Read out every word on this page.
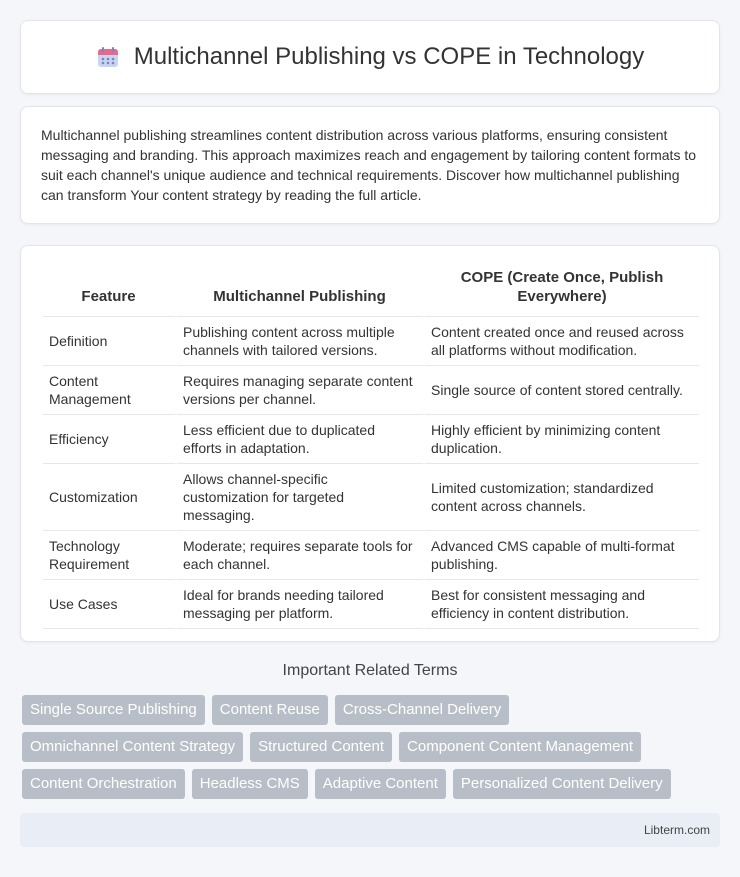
Multichannel Publishing vs COPE in Technology

Multichannel publishing streamlines content distribution across various platforms, ensuring consistent messaging and branding. This approach maximizes reach and engagement by tailoring content formats to suit each channel's unique audience and technical requirements. Discover how multichannel publishing can transform Your content strategy by reading the full article.

Feature	Multichannel Publishing	COPE (Create Once, Publish Everywhere)
Definition	Publishing content across multiple channels with tailored versions.	Content created once and reused across all platforms without modification.
Content Management	Requires managing separate content versions per channel.	Single source of content stored centrally.
Efficiency	Less efficient due to duplicated efforts in adaptation.	Highly efficient by minimizing content duplication.
Customization	Allows channel-specific customization for targeted messaging.	Limited customization; standardized content across channels.
Technology Requirement	Moderate; requires separate tools for each channel.	Advanced CMS capable of multi-format publishing.
Use Cases	Ideal for brands needing tailored messaging per platform.	Best for consistent messaging and efficiency in content distribution.
Important Related Terms
Single Source Publishing	Content Reuse	Cross-Channel Delivery
Omnichannel Content Strategy	Structured Content	Component Content Management
Content Orchestration	Headless CMS	Adaptive Content	Personalized Content Delivery
Libterm.com
